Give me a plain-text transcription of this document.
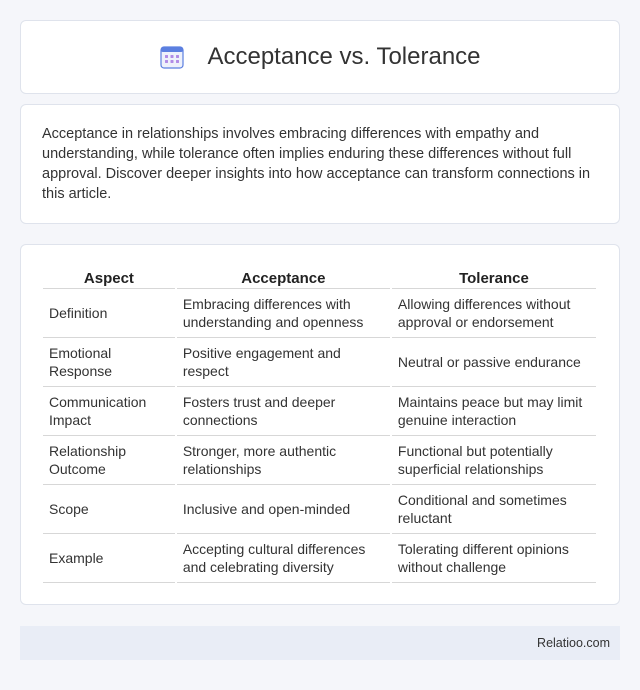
Acceptance vs. Tolerance

Acceptance in relationships involves embracing differences with empathy and understanding, while tolerance often implies enduring these differences without full approval. Discover deeper insights into how acceptance can transform connections in this article.

Aspect	Acceptance	Tolerance
Definition	Embracing differences with understanding and openness	Allowing differences without approval or endorsement
Emotional Response	Positive engagement and respect	Neutral or passive endurance
Communication Impact	Fosters trust and deeper connections	Maintains peace but may limit genuine interaction
Relationship Outcome	Stronger, more authentic relationships	Functional but potentially superficial relationships
Scope	Inclusive and open-minded	Conditional and sometimes reluctant
Example	Accepting cultural differences and celebrating diversity	Tolerating different opinions without challenge
Relatioo.com
